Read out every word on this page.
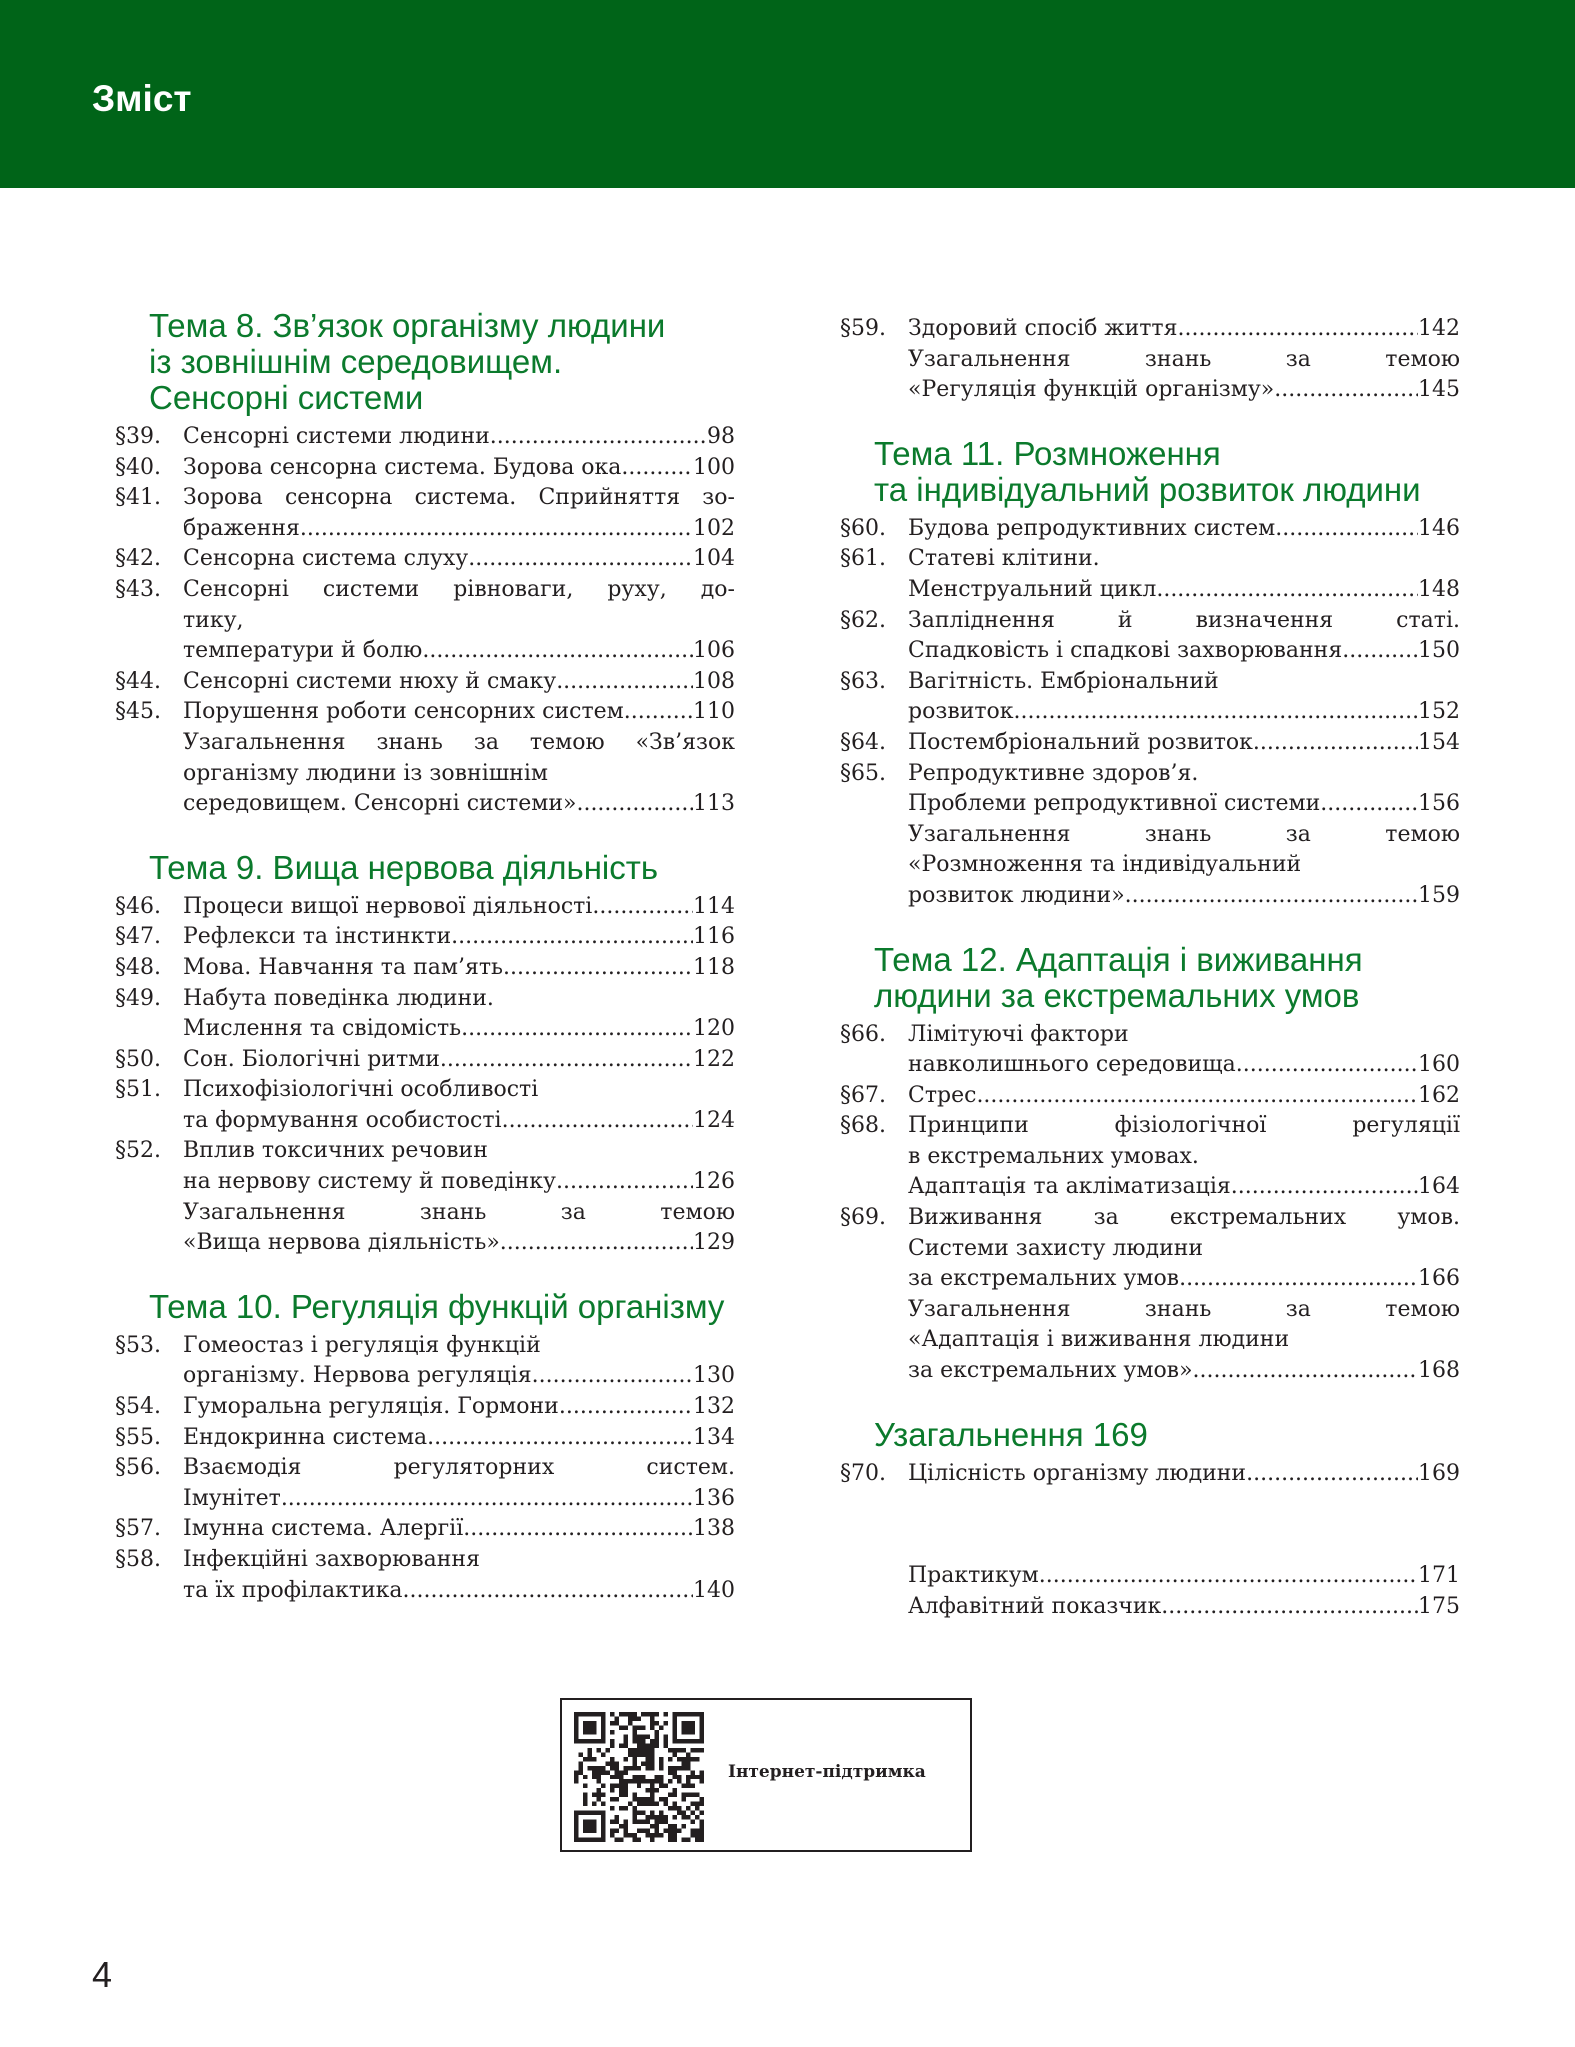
Зміст
Тема 8. Зв’язок організму людини
із зовнішнім середовищем.
Сенсорні системи
§39.	Сенсорні системи людини .....	98
§40.	Зорова сенсорна система. Будова ока .....	100
§41.	Зорова сенсорна система. Сприйняття зо-
браження .....	102
§42.	Сенсорна система слуху .....	104
§43.	Сенсорні системи рівноваги, руху, до-
тику,
температури й болю .....	106
§44.	Сенсорні системи нюху й смаку .....	108
§45.	Порушення роботи сенсорних систем .....	110
Узагальнення знань за темою «Зв’язок
організму людини із зовнішнім
середовищем. Сенсорні системи» .....	113
Тема 9. Вища нервова діяльність
§46.	Процеси вищої нервової діяльності .....	114
§47.	Рефлекси та інстинкти .....	116
§48.	Мова. Навчання та пам’ять .....	118
§49.	Набута поведінка людини.
Мислення та свідомість .....	120
§50.	Сон. Біологічні ритми .....	122
§51.	Психофізіологічні особливості
та формування особистості .....	124
§52.	Вплив токсичних речовин
на нервову систему й поведінку .....	126
Узагальнення знань за темою
«Вища нервова діяльність» .....	129
Тема 10. Регуляція функцій організму
§53.	Гомеостаз і регуляція функцій
організму. Нервова регуляція .....	130
§54.	Гуморальна регуляція. Гормони .....	132
§55.	Ендокринна система .....	134
§56.	Взаємодія регуляторних систем.
Імунітет .....	136
§57.	Імунна система. Алергії .....	138
§58.	Інфекційні захворювання
та їх профілактика .....	140
§59.	Здоровий спосіб життя .....	142
Узагальнення знань за темою
«Регуляція функцій організму» .....	145
Тема 11. Розмноження
та індивідуальний розвиток людини
§60.	Будова репродуктивних систем .....	146
§61.	Статеві клітини.
Менструальний цикл .....	148
§62.	Запліднення й визначення статі.
Спадковість і спадкові захворювання .....	150
§63.	Вагітність. Ембріональний
розвиток .....	152
§64.	Постембріональний розвиток .....	154
§65.	Репродуктивне здоров’я.
Проблеми репродуктивної системи .....	156
Узагальнення знань за темою
«Розмноження та індивідуальний
розвиток людини» .....	159
Тема 12. Адаптація і виживання
людини за екстремальних умов
§66.	Лімітуючі фактори
навколишнього середовища .....	160
§67.	Стрес .....	162
§68.	Принципи фізіологічної регуляції
в екстремальних умовах.
Адаптація та акліматизація .....	164
§69.	Виживання за екстремальних умов.
Системи захисту людини
за екстремальних умов .....	166
Узагальнення знань за темою
«Адаптація і виживання людини
за екстремальних умов» .....	168
Узагальнення 169
§70.	Цілісність організму людини .....	169
Практикум .....	171
Алфавітний показчик .....	175
Інтернет-підтримка
4
